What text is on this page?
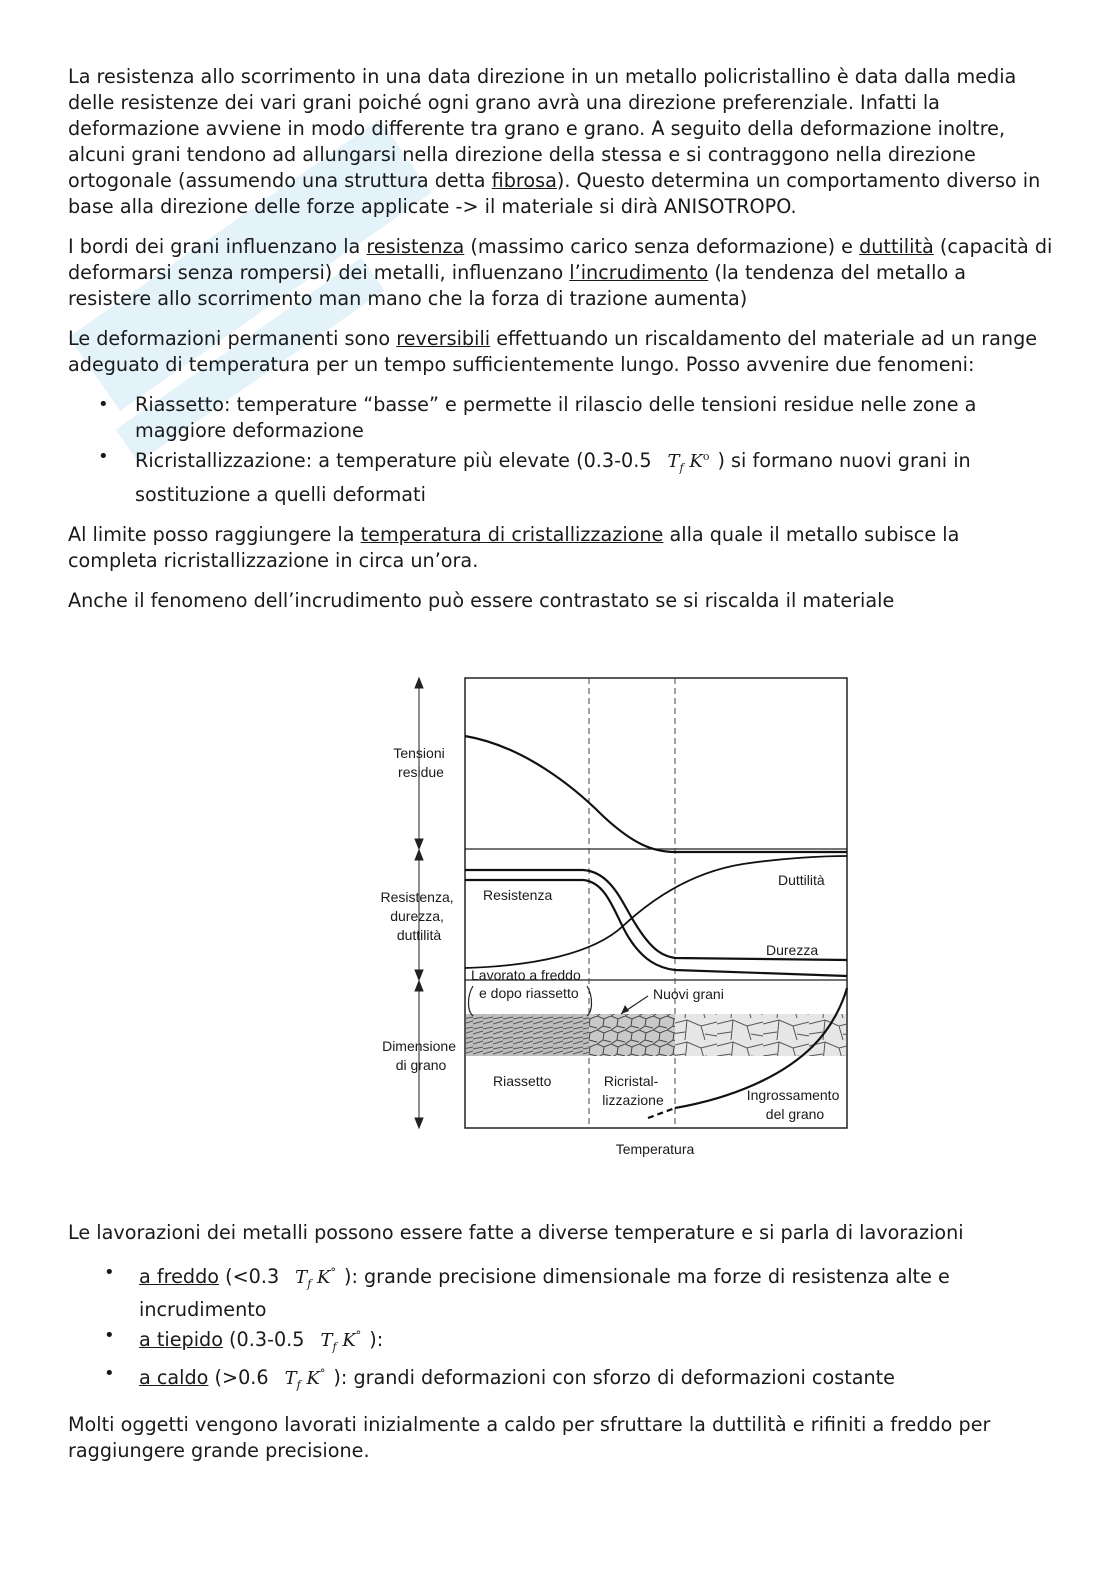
La resistenza allo scorrimento in una data direzione in un metallo policristallino è data dalla media delle resistenze dei vari grani poiché ogni grano avrà una direzione preferenziale. Infatti la deformazione avviene in modo differente tra grano e grano. A seguito della deformazione inoltre, alcuni grani tendono ad allungarsi nella direzione della stessa e si contraggono nella direzione ortogonale (assumendo una struttura detta fibrosa). Questo determina un comportamento diverso in base alla direzione delle forze applicate -> il materiale si dirà ANISOTROPO.

I bordi dei grani influenzano la resistenza (massimo carico senza deformazione) e duttilità (capacità di deformarsi senza rompersi) dei metalli, influenzano l’incrudimento (la tendenza del metallo a resistere allo scorrimento man mano che la forza di trazione aumenta)

Le deformazioni permanenti sono reversibili effettuando un riscaldamento del materiale ad un range adeguato di temperatura per un tempo sufficientemente lungo. Posso avvenire due fenomeni:

• Riassetto: temperature “basse” e permette il rilascio delle tensioni residue nelle zone a maggiore deformazione
• Ricristallizzazione: a temperature più elevate (0.3-0.5 $T_f$ $K^o$ ) si formano nuovi grani in sostituzione a quelli deformati

Al limite posso raggiungere la temperatura di cristallizzazione alla quale il metallo subisce la completa ricristallizzazione in circa un’ora.

Anche il fenomeno dell’incrudimento può essere contrastato se si riscalda il materiale

Tensioni residue
Resistenza, durezza, duttilità
Dimensione di grano
Resistenza
Duttilità
Durezza
Lavorato a freddo
e dopo riassetto	Nuovi grani
Riassetto	Ricristal- lizzazione	Ingrossamento del grano
Temperatura

Le lavorazioni dei metalli possono essere fatte a diverse temperature e si parla di lavorazioni

• a freddo (<0.3 $T_f$ K° ): grande precisione dimensionale ma forze di resistenza alte e incrudimento
• a tiepido (0.3-0.5 $T_f$ K° ):
• a caldo (>0.6 $T_f$ K° ): grandi deformazioni con sforzo di deformazioni costante

Molti oggetti vengono lavorati inizialmente a caldo per sfruttare la duttilità e rifiniti a freddo per raggiungere grande precisione.
